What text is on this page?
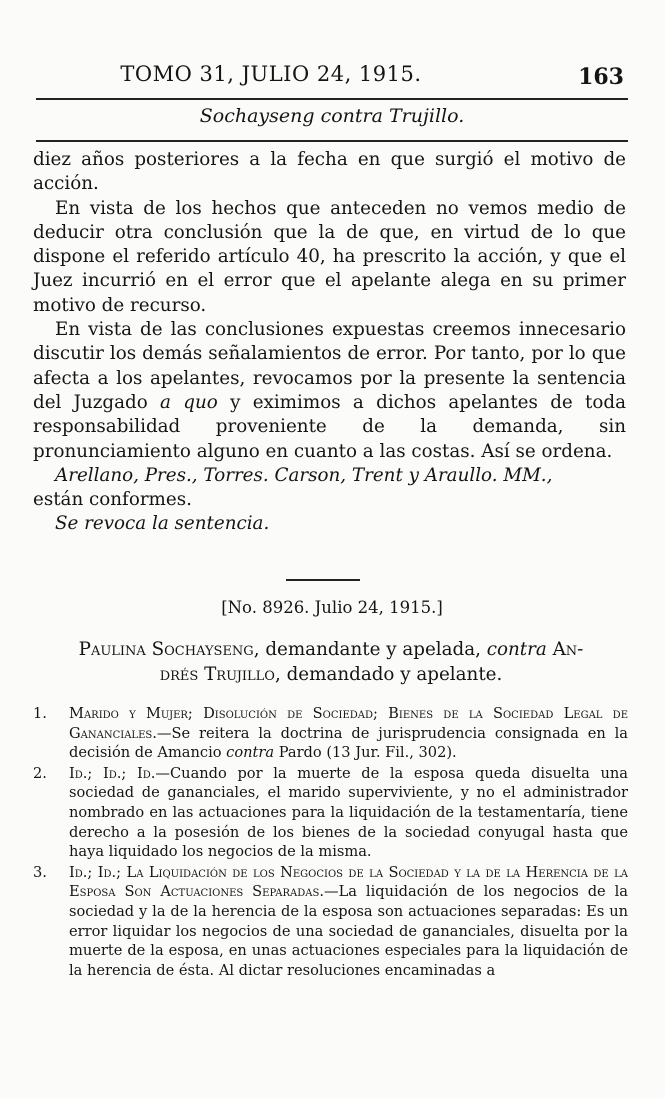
TOMO 31, JULIO 24, 1915.	163
Sochayseng contra Trujillo.

diez años posteriores a la fecha en que surgió el motivo de acción.

En vista de los hechos que anteceden no vemos medio de deducir otra conclusión que la de que, en virtud de lo que dispone el referido artículo 40, ha prescrito la acción, y que el Juez incurrió en el error que el apelante alega en su primer motivo de recurso.

En vista de las conclusiones expuestas creemos innecesario discutir los demás señalamientos de error. Por tanto, por lo que afecta a los apelantes, revocamos por la presente la sentencia del Juzgado a quo y eximimos a dichos apelantes de toda responsabilidad proveniente de la demanda, sin pronunciamiento alguno en cuanto a las costas. Así se ordena.

Arellano, Pres., Torres. Carson, Trent y Araullo. MM.,
están conformes.

Se revoca la sentencia.

[No. 8926. Julio 24, 1915.]
Paulina Sochayseng, demandante y apelada, contra An-
drés Trujillo, demandado y apelante.
1. Marido y Mujer; Disolución de Sociedad; Bienes de la Sociedad Legal de Gananciales.—Se reitera la doctrina de jurisprudencia consignada en la decisión de Amancio contra Pardo (13 Jur. Fil., 302).
2. Id.; Id.; Id.—Cuando por la muerte de la esposa queda disuelta una sociedad de gananciales, el marido superviviente, y no el administrador nombrado en las actuaciones para la liquidación de la testamentaría, tiene derecho a la posesión de los bienes de la sociedad conyugal hasta que haya liquidado los negocios de la misma.
3. Id.; Id.; La Liquidación de los Negocios de la Sociedad y la de la Herencia de la Esposa Son Actuaciones Separadas.—La liquidación de los negocios de la sociedad y la de la herencia de la esposa son actuaciones separadas: Es un error liquidar los negocios de una sociedad de gananciales, disuelta por la muerte de la esposa, en unas actuaciones especiales para la liquidación de la herencia de ésta. Al dictar resoluciones encaminadas a
